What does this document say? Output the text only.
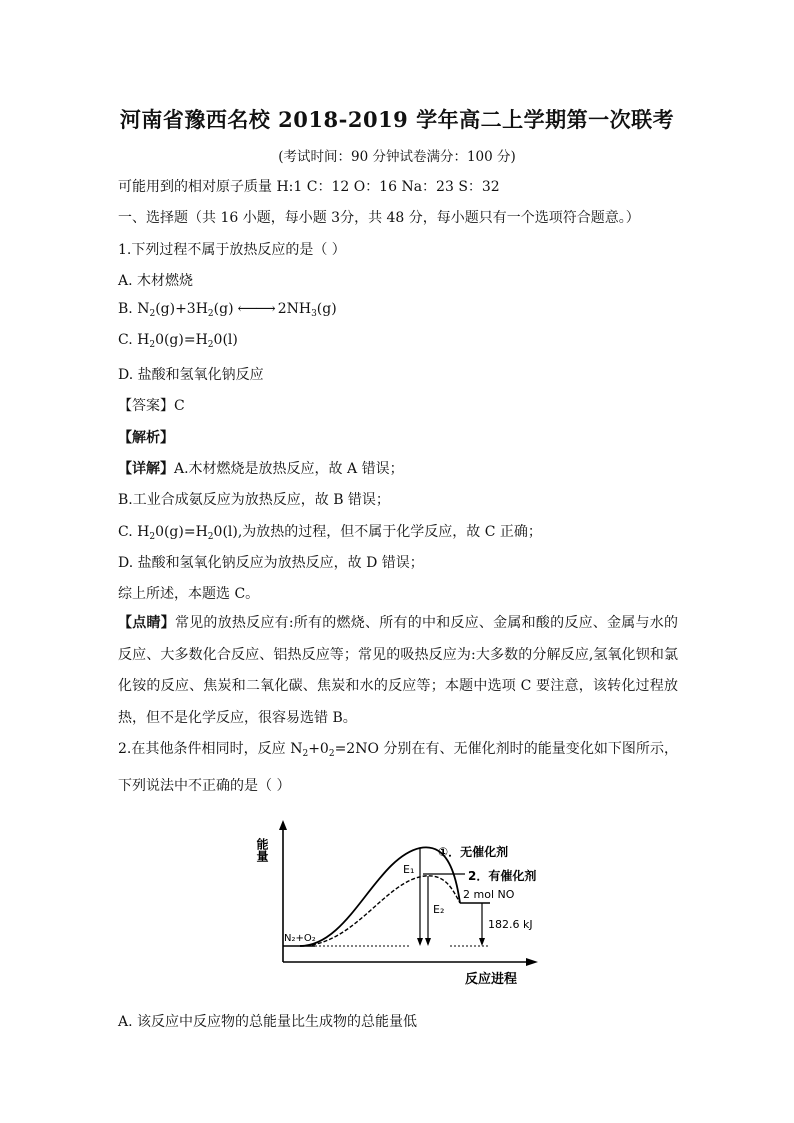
河南省豫西名校 2018-2019 学年高二上学期第一次联考
(考试时间：90 分钟试卷满分：100 分)
可能用到的相对原子质量 H:1 C：12 O：16 Na：23 S：32
一、选择题（共 16 小题，每小题 3分，共 48 分，每小题只有一个选项符合题意。）
1.下列过程不属于放热反应的是（ ）
A. 木材燃烧
B. $N_2(g)+3H_2(g)$ ⟵⟶ $2NH_3(g)$
C. $H_20(g)=H_20(l)$
D. 盐酸和氢氧化钠反应
【答案】C
【解析】
【详解】A.木材燃烧是放热反应，故 A 错误；
B.工业合成氨反应为放热反应，故 B 错误；
C. $H_20(g)=H_20(l)$,为放热的过程，但不属于化学反应，故 C 正确；
D. 盐酸和氢氧化钠反应为放热反应，故 D 错误；
综上所述，本题选 C。
【点睛】常见的放热反应有:所有的燃烧、所有的中和反应、金属和酸的反应、金属与水的反应、大多数化合反应、铝热反应等；常见的吸热反应为:大多数的分解反应,氢氧化钡和氯化铵的反应、焦炭和二氧化碳、焦炭和水的反应等；本题中选项 C 要注意，该转化过程放热，但不是化学反应，很容易选错 B。
2.在其他条件相同时，反应 $N_2+0_2=2NO$ 分别在有、无催化剂时的能量变化如下图所示，下列说法中不正确的是（ ）
能量
反应进程
N₂+O₂
E₁
E₂
①．无催化剂
2．有催化剂
2 mol NO
182.6 kJ
A. 该反应中反应物的总能量比生成物的总能量低
